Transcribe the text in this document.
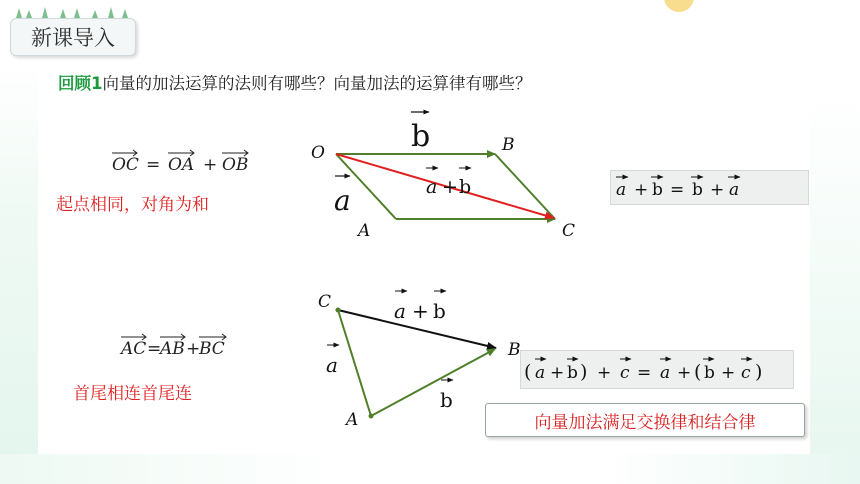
新课导入
回顾1向量的加法运算的法则有哪些？向量加法的运算律有哪些？
起点相同，对角为和
首尾相连首尾连
向量加法满足交换律和结合律
OC = OA + OB
O	B
A	C
b
a	a + b	a + b = b + a
AC =
AB +
BC
C
B
A
a + b
a
b
( a + b ) + c = a + ( b + c )
